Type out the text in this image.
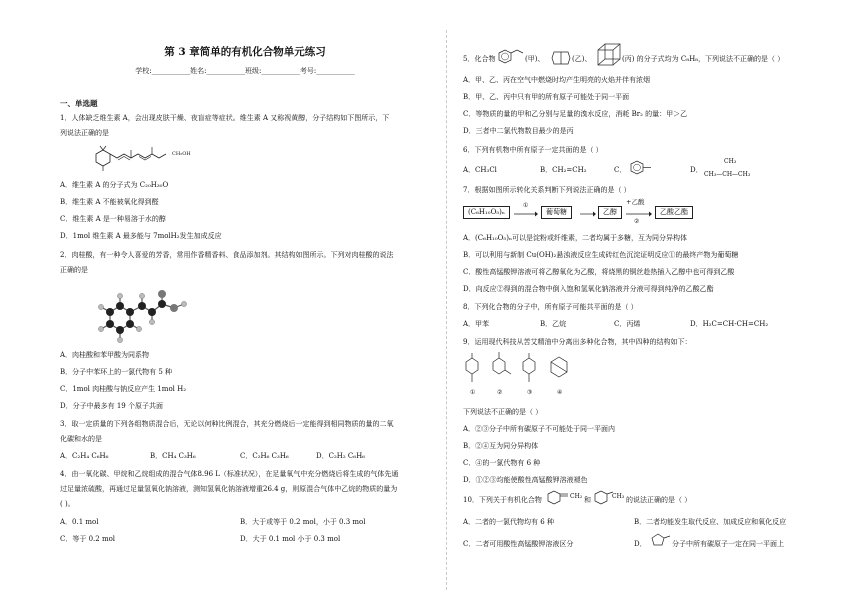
第 3 章简单的有机化合物单元练习
学校:___________姓名:___________班级:___________考号:___________
一、单选题
1．人体缺乏维生素 A，会出现皮肤干燥、夜盲症等症状。维生素 A 又称视黄醇，分子结构如下图所示，下
列说法正确的是
CH₂OH
A．维生素 A 的分子式为 C₂₀H₃₀O
B．维生素 A 不能被氧化得到醛
C．维生素 A 是一种易溶于水的醇
D．1mol 维生素 A 最多能与 7molH₂发生加成反应
2．肉桂酸，有一种令人喜爱的芳香，常用作香精香料、食品添加剂。其结构如图所示。下列对肉桂酸的说法
正确的是
A．肉桂酸和苯甲酸为同系物
B．分子中苯环上的一氯代物有 5 种
C．1mol 肉桂酸与钠反应产生 1mol H₂
D．分子中最多有 19 个原子共面
3．取一定质量的下列各组物质混合后，无论以何种比例混合，其充分燃烧后一定能得到相同物质的量的二氧
化碳和水的是
A．C₂H₄ C₆H₆	B．CH₄ C₃H₆	C．C₂H₆ C₃H₆	D．C₂H₂ C₆H₆
4．由一氧化碳、甲烷和乙烷组成的混合气体8.96 L（标准状况），在足量氧气中充分燃烧后将生成的气体先通
过足量浓硫酸，再通过足量氢氧化钠溶液，测知氢氧化钠溶液增重26.4 g，则原混合气体中乙烷的物质的量为
( )。
A．0.1 mol	B．大于或等于 0.2 mol，小于 0.3 mol
C．等于 0.2 mol	D．大于 0.1 mol 小于 0.3 mol
5．化合物	(甲)、	(乙)、	(丙) 的分子式均为 C₈H₈，下列说法不正确的是（ ）
A．甲、乙、丙在空气中燃烧时均产生明亮的火焰并伴有浓烟
B．甲、乙、丙中只有甲的所有原子可能处于同一平面
C．等物质的量的甲和乙分别与足量的溴水反应，消耗 Br₂ 的量：甲＞乙
D．三者中二氯代物数目最少的是丙
6．下列有机物中所有原子一定共面的是（ ）
A．CH₃Cl	B．CH₂=CH₂	C．	D．
CH₃
CH₃—CH—CH₃
7．根据如图所示转化关系判断下列说法正确的是（ ）
(C₆H₁₀O₅)ₙ
①
葡萄糖	乙醇
+乙酸
②
乙酸乙酯
A．(C₆H₁₀O₅)ₙ可以是淀粉或纤维素，二者均属于多糖，互为同分异构体
B．可以利用与新制 Cu(OH)₂悬浊液反应生成砖红色沉淀证明反应①的最终产物为葡萄糖
C．酸性高锰酸钾溶液可将乙醇氧化为乙酸，将烧黑的铜丝趁热插入乙醇中也可得到乙酸
D．向反应②得到的混合物中倒入饱和氢氧化钠溶液并分液可得到纯净的乙酸乙酯
8．下列化合物的分子中，所有原子可能共平面的是（ ）
A．甲苯	B．乙烷	C．丙烯	D．H₂C=CH-CH=CH₂
9．运用现代科技从苦艾精油中分离出多种化合物，其中四种的结构如下：
①	②	③	④
下列说法不正确的是（ ）
A．②③分子中所有碳原子不可能处于同一平面内
B．②④互为同分异构体
C．④的一氯代物有 6 种
D．①②③均能使酸性高锰酸钾溶液褪色
10．下列关于有机化合物	CH₂ 和	CH₃ 的说法正确的是（ ）
A．二者的一氯代物均有 6 种	B．二者均能发生取代反应、加成反应和氧化反应
C．二者可用酸性高锰酸钾溶液区分	D．	分子中所有碳原子一定在同一平面上
